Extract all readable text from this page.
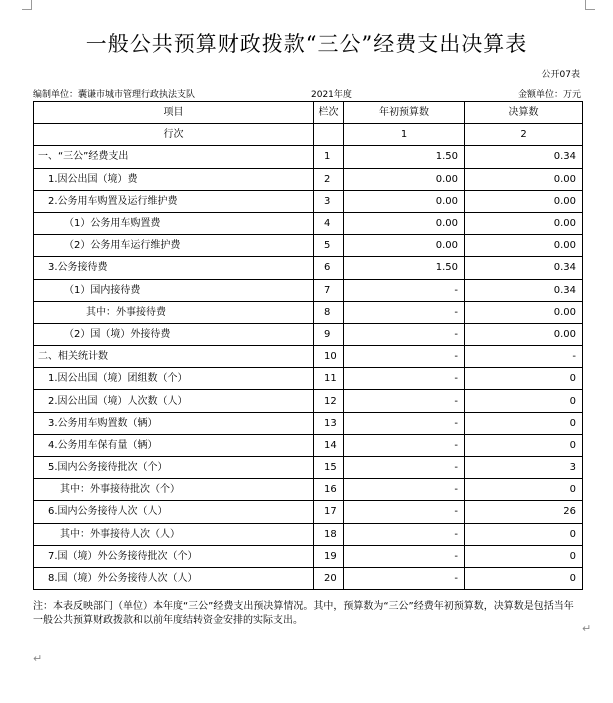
一般公共预算财政拨款“三公”经费支出决算表
公开07表
编制单位：囊谦市城市管理行政执法支队	2021年度	金额单位：万元
项目	栏次	年初预算数	决算数
行次		1	2
一、“三公”经费支出	1	1.50	0.34
1.因公出国（境）费	2	0.00	0.00
2.公务用车购置及运行维护费	3	0.00	0.00
（1）公务用车购置费	4	0.00	0.00
（2）公务用车运行维护费	5	0.00	0.00
3.公务接待费	6	1.50	0.34
（1）国内接待费	7	-	0.34
其中：外事接待费	8	-	0.00
（2）国（境）外接待费	9	-	0.00
二、相关统计数	10	-	-
1.因公出国（境）团组数（个）	11	-	0
2.因公出国（境）人次数（人）	12	-	0
3.公务用车购置数（辆）	13	-	0
4.公务用车保有量（辆）	14	-	0
5.国内公务接待批次（个）	15	-	3
其中：外事接待批次（个）	16	-	0
6.国内公务接待人次（人）	17	-	26
其中：外事接待人次（人）	18	-	0
7.国（境）外公务接待批次（个）	19	-	0
8.国（境）外公务接待人次（人）	20	-	0
注：本表反映部门（单位）本年度“三公”经费支出预决算情况。其中，预算数为“三公”经费年初预算数，决算数是包括当年一般公共预算财政拨款和以前年度结转资金安排的实际支出。
↵
↵
